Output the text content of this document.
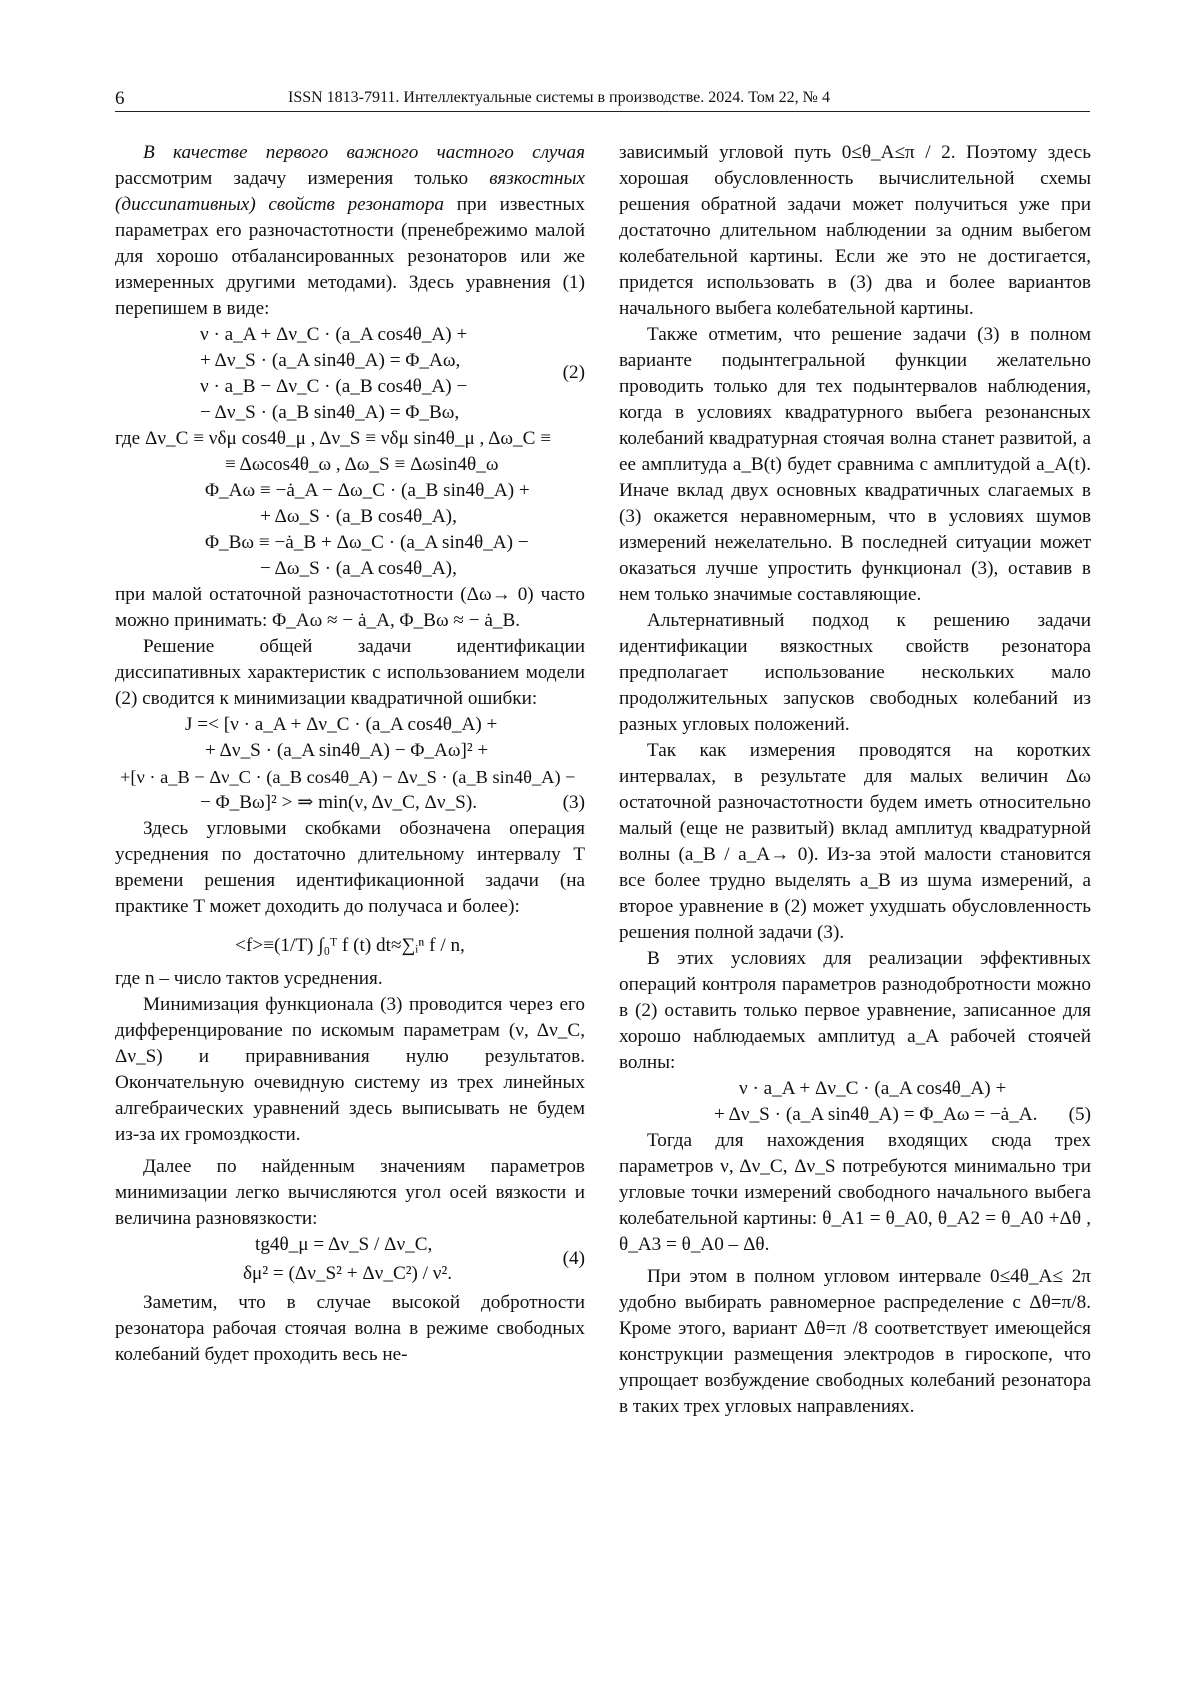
6	ISSN 1813-7911. Интеллектуальные системы в производстве. 2024. Том 22, № 4

В качестве первого важного частного случая рассмотрим задачу измерения только вязкостных (диссипативных) свойств резонатора при известных параметрах его разночастотности (пренебрежимо малой для хорошо отбалансированных резонаторов или же измеренных другими методами). Здесь уравнения (1) перепишем в виде:

ν · a_A + Δν_C · (a_A cos4θ_A) +
+ Δν_S · (a_A sin4θ_A) = Φ_Aω,
ν · a_B − Δν_C · (a_B cos4θ_A) −
− Δν_S · (a_B sin4θ_A) = Φ_Bω,
(2)
где Δν_C ≡ νδμ cos4θ_μ , Δν_S ≡ νδμ sin4θ_μ , Δω_C ≡
≡ Δωcos4θ_ω , Δω_S ≡ Δωsin4θ_ω
Φ_Aω ≡ −ȧ_A − Δω_C · (a_B sin4θ_A) +
+ Δω_S · (a_B cos4θ_A),
Φ_Bω ≡ −ȧ_B + Δω_C · (a_A sin4θ_A) −
− Δω_S · (a_A cos4θ_A),

при малой остаточной разночастотности (Δω→ 0) часто можно принимать: Φ_Aω ≈ − ȧ_A, Φ_Bω ≈ − ȧ_B.

Решение общей задачи идентификации диссипативных характеристик с использованием модели (2) сводится к минимизации квадратичной ошибки:

J =< [ν · a_A + Δν_C · (a_A cos4θ_A) +
+ Δν_S · (a_A sin4θ_A) − Φ_Aω]² +
+[ν · a_B − Δν_C · (a_B cos4θ_A) − Δν_S · (a_B sin4θ_A) −
− Φ_Bω]² > ⇒ min(ν, Δν_C, Δν_S).	(3)

Здесь угловыми скобками обозначена операция усреднения по достаточно длительному интервалу T времени решения идентификационной задачи (на практике T может доходить до получаса и более):

<f>≡(1/T) ∫₀ᵀ f (t) dt≈∑ᵢⁿ f / n,

где n – число тактов усреднения.

Минимизация функционала (3) проводится через его дифференцирование по искомым параметрам (ν, Δν_C, Δν_S) и приравнивания нулю результатов. Окончательную очевидную систему из трех линейных алгебраических уравнений здесь выписывать не будем из-за их громоздкости.

Далее по найденным значениям параметров минимизации легко вычисляются угол осей вязкости и величина разновязкости:

tg4θ_μ = Δν_S / Δν_C,
δμ² = (Δν_S² + Δν_C²) / ν².
(4)

Заметим, что в случае высокой добротности резонатора рабочая стоячая волна в режиме свободных колебаний будет проходить весь не-

зависимый угловой путь 0≤θ_A≤π / 2. Поэтому здесь хорошая обусловленность вычислительной схемы решения обратной задачи может получиться уже при достаточно длительном наблюдении за одним выбегом колебательной картины. Если же это не достигается, придется использовать в (3) два и более вариантов начального выбега колебательной картины.

Также отметим, что решение задачи (3) в полном варианте подынтегральной функции желательно проводить только для тех подынтервалов наблюдения, когда в условиях квадратурного выбега резонансных колебаний квадратурная стоячая волна станет развитой, а ее амплитуда a_B(t) будет сравнима с амплитудой a_A(t). Иначе вклад двух основных квадратичных слагаемых в (3) окажется неравномерным, что в условиях шумов измерений нежелательно. В последней ситуации может оказаться лучше упростить функционал (3), оставив в нем только значимые составляющие.

Альтернативный подход к решению задачи идентификации вязкостных свойств резонатора предполагает использование нескольких мало продолжительных запусков свободных колебаний из разных угловых положений.

Так как измерения проводятся на коротких интервалах, в результате для малых величин Δω остаточной разночастотности будем иметь относительно малый (еще не развитый) вклад амплитуд квадратурной волны (a_B / a_A→ 0). Из-за этой малости становится все более трудно выделять a_B из шума измерений, а второе уравнение в (2) может ухудшать обусловленность решения полной задачи (3).

В этих условиях для реализации эффективных операций контроля параметров разнодобротности можно в (2) оставить только первое уравнение, записанное для хорошо наблюдаемых амплитуд a_A рабочей стоячей волны:

ν · a_A + Δν_C · (a_A cos4θ_A) +
+ Δν_S · (a_A sin4θ_A) = Φ_Aω = −ȧ_A.	(5)

Тогда для нахождения входящих сюда трех параметров ν, Δν_C, Δν_S потребуются минимально три угловые точки измерений свободного начального выбега колебательной картины: θ_A1 = θ_A0, θ_A2 = θ_A0 +Δθ , θ_A3 = θ_A0 – Δθ.

При этом в полном угловом интервале 0≤4θ_A≤ 2π удобно выбирать равномерное распределение с Δθ=π/8. Кроме этого, вариант Δθ=π /8 соответствует имеющейся конструкции размещения электродов в гироскопе, что упрощает возбуждение свободных колебаний резонатора в таких трех угловых направлениях.
